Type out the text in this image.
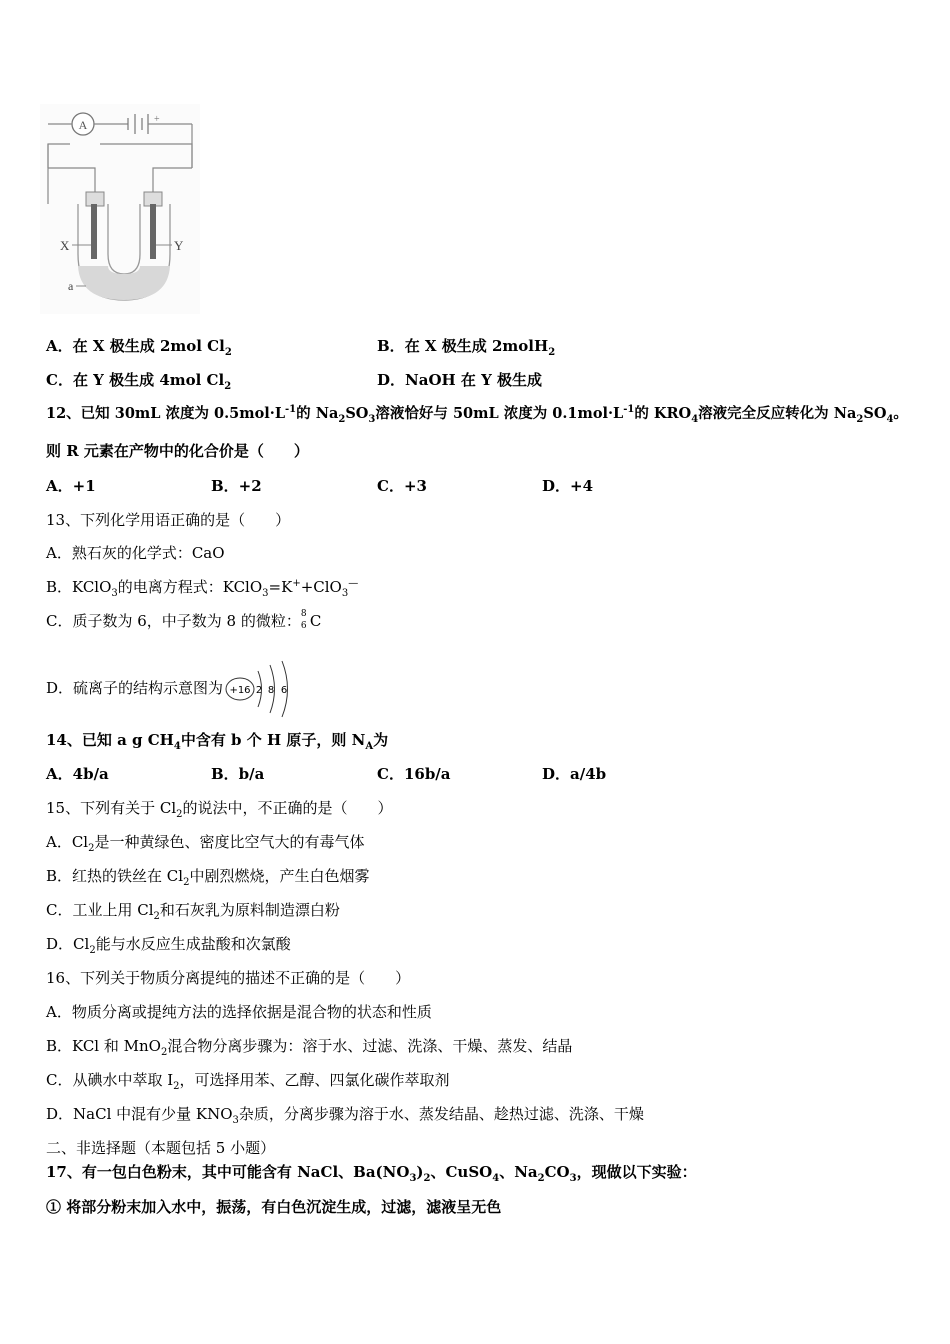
A	+
X	Y
a
A．在 X 极生成 2mol $Cl_2$	B．在 X 极生成 2molH$_2$
C．在 Y 极生成 4mol $Cl_2$	D．NaOH 在 Y 极生成
12、已知 30mL 浓度为 $0.5mol\cdot L^{-1}$的 $Na_2SO_3$溶液恰好与 50mL 浓度为 $0.1mol\cdot L^{-1}$的 $KRO_4$溶液完全反应转化为 $Na_2SO_4$。
则 R 元素在产物中的化合价是（　　）
A．+1	B．+2	C．+3	D．+4
13、下列化学用语正确的是（　　）
A．熟石灰的化学式：CaO
B．KClO$_3$的电离方程式：KClO$_3$=K++ClO$_3$—
C．质子数为 6，中子数为 8 的微粒： 8
6 C
D．硫离子的结构示意图为 +16 2 8 6
14、已知 a g $CH_4$中含有 b 个 H 原子，则 $N_A$为
A．4b/a	B．b/a	C．16b/a	D．a/4b
15、下列有关于 $Cl_2$的说法中，不正确的是（　　）
A．$Cl_2$是一种黄绿色、密度比空气大的有毒气体
B．红热的铁丝在 $Cl_2$中剧烈燃烧，产生白色烟雾
C．工业上用 $Cl_2$和石灰乳为原料制造漂白粉
D．$Cl_2$能与水反应生成盐酸和次氯酸
16、下列关于物质分离提纯的描述不正确的是（　　）
A．物质分离或提纯方法的选择依据是混合物的状态和性质
B．KCl 和 MnO$_2$混合物分离步骤为：溶于水、过滤、洗涤、干燥、蒸发、结晶
C．从碘水中萃取 $I_2$，可选择用苯、乙醇、四氯化碳作萃取剂
D．NaCl 中混有少量 $KNO_3$杂质，分离步骤为溶于水、蒸发结晶、趁热过滤、洗涤、干燥
二、非选择题（本题包括 5 小题）
17、有一包白色粉末，其中可能含有 NaCl、$Ba(NO_3)_2$、CuSO$_4$、$Na_2CO_3$，现做以下实验：
① 将部分粉末加入水中，振荡，有白色沉淀生成，过滤，滤液呈无色
